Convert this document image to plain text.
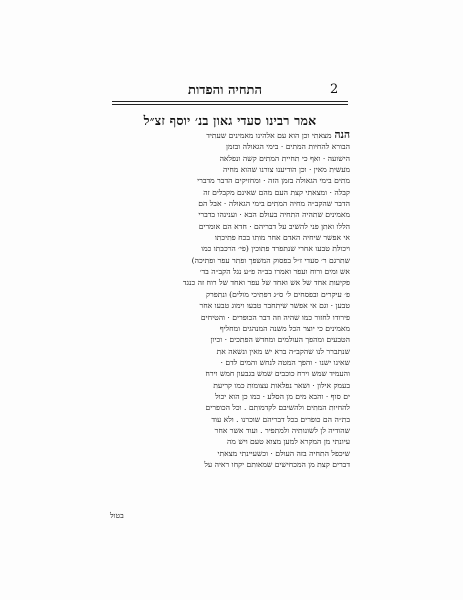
2
התחיה והפדות
אמר רבינו סעדי גאון בנ׳ יוסף זצ״ל
הנהמצאתי וכן הוא עם אלהינו מאמינים שעתיד
הבורא להחיות המתים · בימי הגאולה ובזמן
הישועה · ואף כי תחיית המתים קשה ונפלאה
מעשית מאין · וכן הודיענו צורנו שהוא מחיה
מתים בימי הגאולה בזמן הזה · ומחזיקים הדבר מדברי
קבלה · ומצאתי קצת העם מהם שאינם מקבלים זה
הדבר שהקב״ה מחיה המתים בימי הגאולה · אבל הם
מאמינים שתהיה התחיה בעולם הבא · וענינהו בדברי
הללו ואתן פני להשיב על דבריהם · חדא הם אומרים
אי אפשר שיחיה האדם אחר מותו בכח פתיכתו
ויכולת טבעו אחרי שנתפרד פתוכין (פי׳ הרכבתו כמו
שתרגם ר׳ סעדי ז״ל בפסוק המשפך ופתר עפר ופתיכה)
אש ומים ורוח ועפר ואמרו בב״ה פ״ע נגל הקב״ה בד׳
פקיעות אחד של אש ואחד של עפר ואחד של רוח זה כנגד
פ׳ עיקרים ובפסחים ל׳ ס״ג דפתיכי מולים) ונתפרק
טבען · וגם אי אפשר שיתחבר טבעו וימוג טבעו אחר
פירודו לחזור כמו שהיה וזה דבר הכופרים · והטיחים
מאמינים כי יוצר הכל משנה המנהגים ומחליף
הטבעים ומהפך העולמים ומחדש הפתכים · וכיון
שנתברר לנו שהקב״ה ברא יש מאין ונשאה את
שאינו ישנו · והפך המטה לנחש והמים לדם ·
והעמיד שמש וירח כוכבים שמש בגבעון חמש וירח
בעמק אילון · ושאר נפלאות עצומות כמו קריעת
ים סוף · והבא מים מן הסלע · כמו כן הוא יכול
להחיות המתים ולהשיבם לקדמותם . וכל הכופרים
בת״ה הם כופרים בכל דבריהם שוכרנו . ולא עוד
שהודיה לן לשונותיה ולמתפיר . ועוד אשר אחר
עיונתי מן המקרא למען מצוא טעם ויש מה
שיכפל התחיה בזה העולם · וכשעיינתי מצאתי
דברים קצת מן המכחישים שמאותם יקחו ראיה על
בטול
